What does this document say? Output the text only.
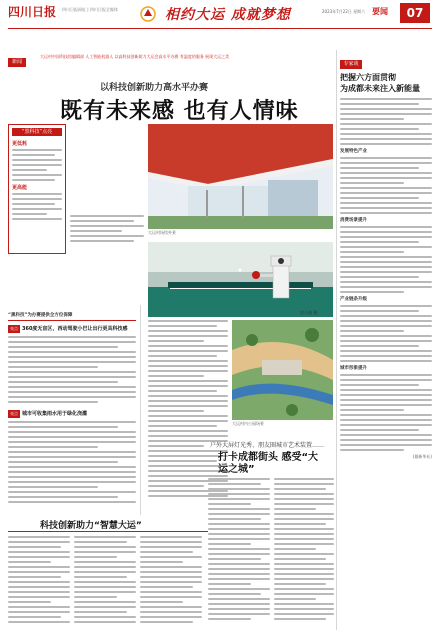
四川日报 四川日报网址 | 四川日报全媒体	相约大运 成就梦想	2023年7月22日 星期六 要闻	07
新闻
大运村中国科技馆编辑部 人工智能机器人 以高科技创新助力大运会高水平办赛 有温度的服务 展现大运之美
以科技创新助力高水平办赛
既有未来感 也有人情味
专家谈
把握六方面贯彻
为成都未来注入新能量
发展特色产业
消费场景提升
产业链条升级
城市形象提升
(据新华社)
“黑科技”点亮
更低耗
更高能
大运村场馆外景
“黑科技”为办赛提供全方位保障
亮点 360度无盲区，西动驾驶小巴让出行更具科技感
亮点 城市可收集雨水用于绿化浇灌
雷小谦 摄
大运村内公园场景
户外大屏灯光秀、朋友圈城市艺术装置……
打卡成都街头 感受“大运之城”
科技创新助力“智慧大运”
